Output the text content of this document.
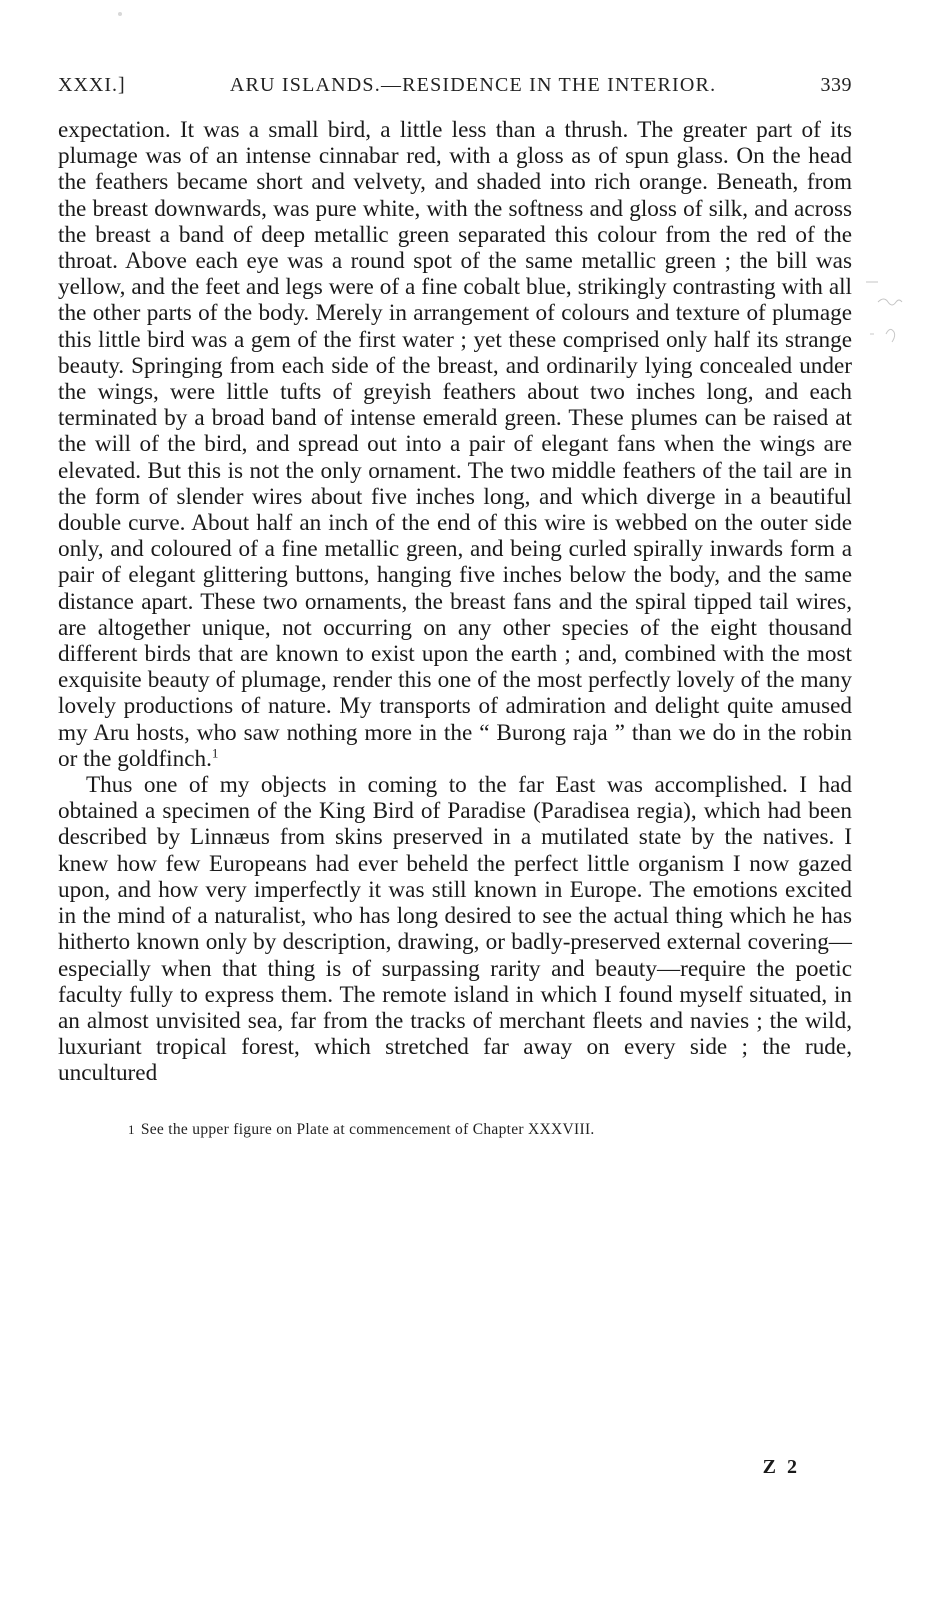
XXXI.]	ARU ISLANDS.—RESIDENCE IN THE INTERIOR.	339

expectation. It was a small bird, a little less than a thrush. The greater part of its plumage was of an intense cinnabar red, with a gloss as of spun glass. On the head the feathers became short and velvety, and shaded into rich orange. Beneath, from the breast downwards, was pure white, with the softness and gloss of silk, and across the breast a band of deep metallic green separated this colour from the red of the throat. Above each eye was a round spot of the same metallic green ; the bill was yellow, and the feet and legs were of a fine cobalt blue, strikingly contrasting with all the other parts of the body. Merely in arrangement of colours and texture of plumage this little bird was a gem of the first water ; yet these comprised only half its strange beauty. Springing from each side of the breast, and ordinarily lying concealed under the wings, were little tufts of greyish feathers about two inches long, and each terminated by a broad band of intense emerald green. These plumes can be raised at the will of the bird, and spread out into a pair of elegant fans when the wings are elevated. But this is not the only ornament. The two middle feathers of the tail are in the form of slender wires about five inches long, and which diverge in a beautiful double curve. About half an inch of the end of this wire is webbed on the outer side only, and coloured of a fine metallic green, and being curled spirally inwards form a pair of elegant glittering buttons, hanging five inches below the body, and the same distance apart. These two ornaments, the breast fans and the spiral tipped tail wires, are altogether unique, not occurring on any other species of the eight thousand different birds that are known to exist upon the earth ; and, combined with the most exquisite beauty of plumage, render this one of the most perfectly lovely of the many lovely productions of nature. My transports of admiration and delight quite amused my Aru hosts, who saw nothing more in the “ Burong raja ” than we do in the robin or the goldfinch.$^1$

Thus one of my objects in coming to the far East was accomplished. I had obtained a specimen of the King Bird of Paradise (Paradisea regia), which had been described by Linnæus from skins preserved in a mutilated state by the natives. I knew how few Europeans had ever beheld the perfect little organism I now gazed upon, and how very imperfectly it was still known in Europe. The emotions excited in the mind of a naturalist, who has long desired to see the actual thing which he has hitherto known only by description, drawing, or badly-preserved external covering—especially when that thing is of surpassing rarity and beauty—require the poetic faculty fully to express them. The remote island in which I found myself situated, in an almost unvisited sea, far from the tracks of merchant fleets and navies ; the wild, luxuriant tropical forest, which stretched far away on every side ; the rude, uncultured

1 See the upper figure on Plate at commencement of Chapter XXXVIII.
Z 2
